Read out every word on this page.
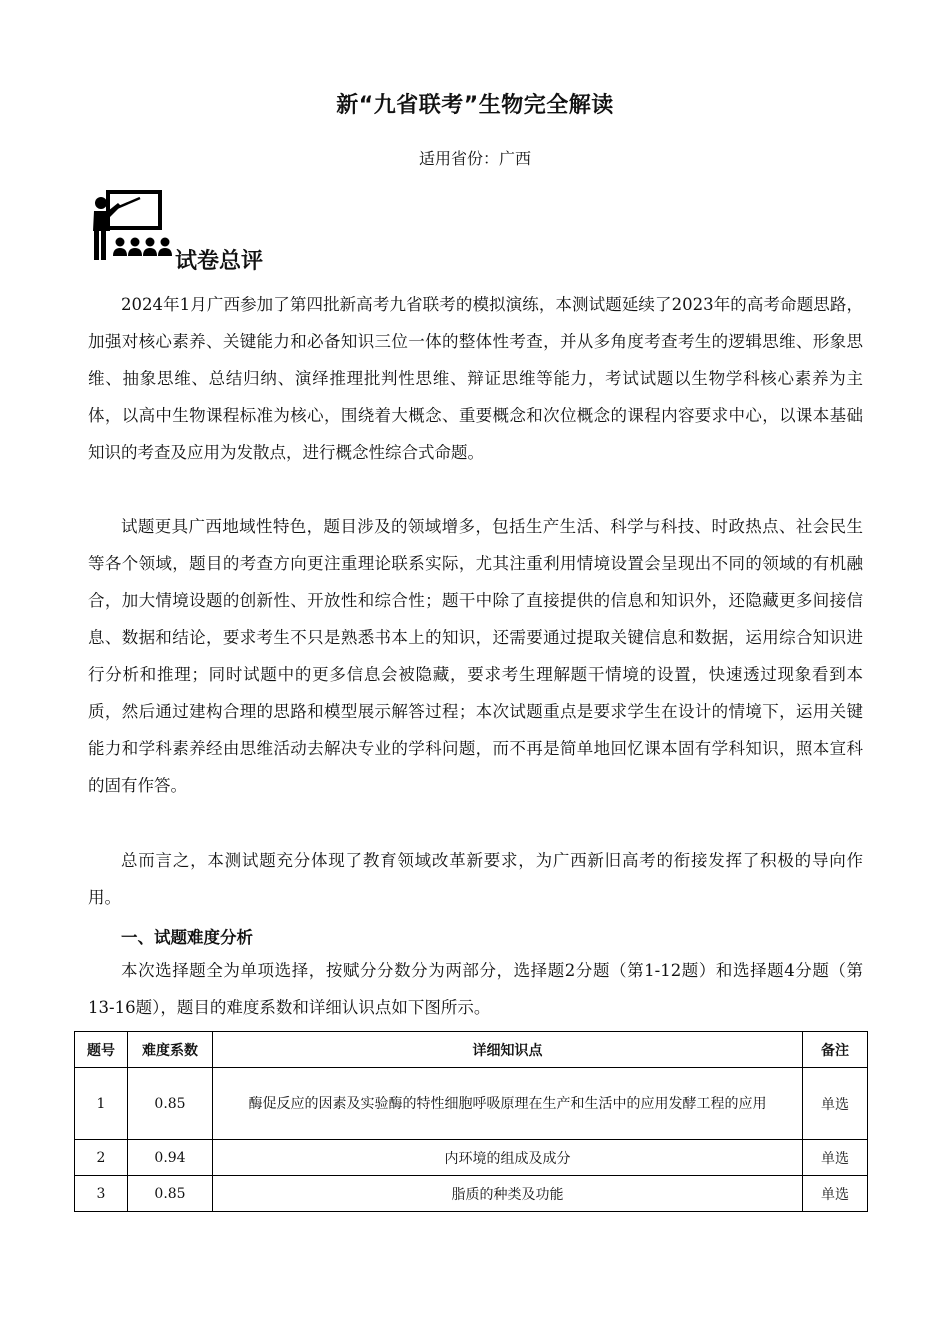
新“九省联考”生物完全解读
适用省份：广西
试卷总评

2024年1月广西参加了第四批新高考九省联考的模拟演练，本测试题延续了2023年的高考命题思路，加强对核心素养、关键能力和必备知识三位一体的整体性考查，并从多角度考查考生的逻辑思维、形象思维、抽象思维、总结归纳、演绎推理批判性思维、辩证思维等能力，考试试题以生物学科核心素养为主体，以高中生物课程标准为核心，围绕着大概念、重要概念和次位概念的课程内容要求中心，以课本基础知识的考查及应用为发散点，进行概念性综合式命题。

试题更具广西地域性特色，题目涉及的领域增多，包括生产生活、科学与科技、时政热点、社会民生等各个领域，题目的考查方向更注重理论联系实际，尤其注重利用情境设置会呈现出不同的领域的有机融合，加大情境设题的创新性、开放性和综合性；题干中除了直接提供的信息和知识外，还隐藏更多间接信息、数据和结论，要求考生不只是熟悉书本上的知识，还需要通过提取关键信息和数据，运用综合知识进行分析和推理；同时试题中的更多信息会被隐藏，要求考生理解题干情境的设置，快速透过现象看到本质，然后通过建构合理的思路和模型展示解答过程；本次试题重点是要求学生在设计的情境下，运用关键能力和学科素养经由思维活动去解决专业的学科问题，而不再是简单地回忆课本固有学科知识，照本宣科的固有作答。

总而言之，本测试题充分体现了教育领域改革新要求，为广西新旧高考的衔接发挥了积极的导向作用。

一、试题难度分析

本次选择题全为单项选择，按赋分分数分为两部分，选择题2分题（第1-12题）和选择题4分题（第13-16题），题目的难度系数和详细认识点如下图所示。

题号	难度系数	详细知识点	备注
1	0.85	酶促反应的因素及实验酶的特性细胞呼吸原理在生产和生活中的应用发酵工程的应用	单选
2	0.94	内环境的组成及成分	单选
3	0.85	脂质的种类及功能	单选
